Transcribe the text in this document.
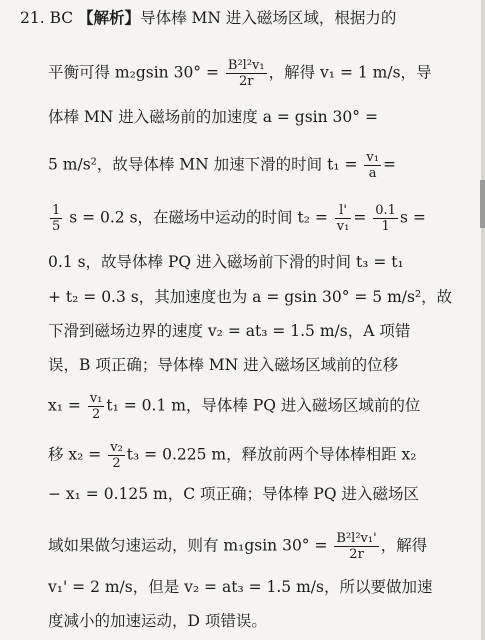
21. BC 【解析】导体棒 MN 进入磁场区域，根据力的
平衡可得 m₂gsin $30^\circ = \frac{\text{B²l²v₁}}{2r}$ ，解得 v₁ = 1 m/s，导
体棒 MN 进入磁场前的加速度 a = gsin 30° =
5 m/s²，故导体棒 MN 加速下滑的时间 $t_1 = \frac{\text{v₁}}{a}$ =
$\frac{1}{5}$ s = 0.2 s，在磁场中运动的时间 $t_2 = \frac{l'}{\text{v₁}} = \frac{0.1}{1}$ s =
0.1 s，故导体棒 PQ 进入磁场前下滑的时间 t₃ = t₁
+ t₂ = 0.3 s，其加速度也为 a = gsin 30° = 5 m/s²，故
下滑到磁场边界的速度 v₂ = at₃ = 1.5 m/s，A 项错
误，B 项正确；导体棒 MN 进入磁场区域前的位移
$x_1 = \frac{\text{v₁}}{2} t_1 = 0.1$ m，导体棒 PQ 进入磁场区域前的位
移 $x_2 = \frac{\text{v₂}}{2} t_3 = 0.225$ m，释放前两个导体棒相距 x₂
− x₁ = 0.125 m，C 项正确；导体棒 PQ 进入磁场区
域如果做匀速运动，则有 m₁gsin $30^\circ = \frac{\text{B²l²v₁'}}{2r}$ ，解得
v₁' = 2 m/s，但是 v₂ = at₃ = 1.5 m/s，所以要做加速
度减小的加速运动，D 项错误。
